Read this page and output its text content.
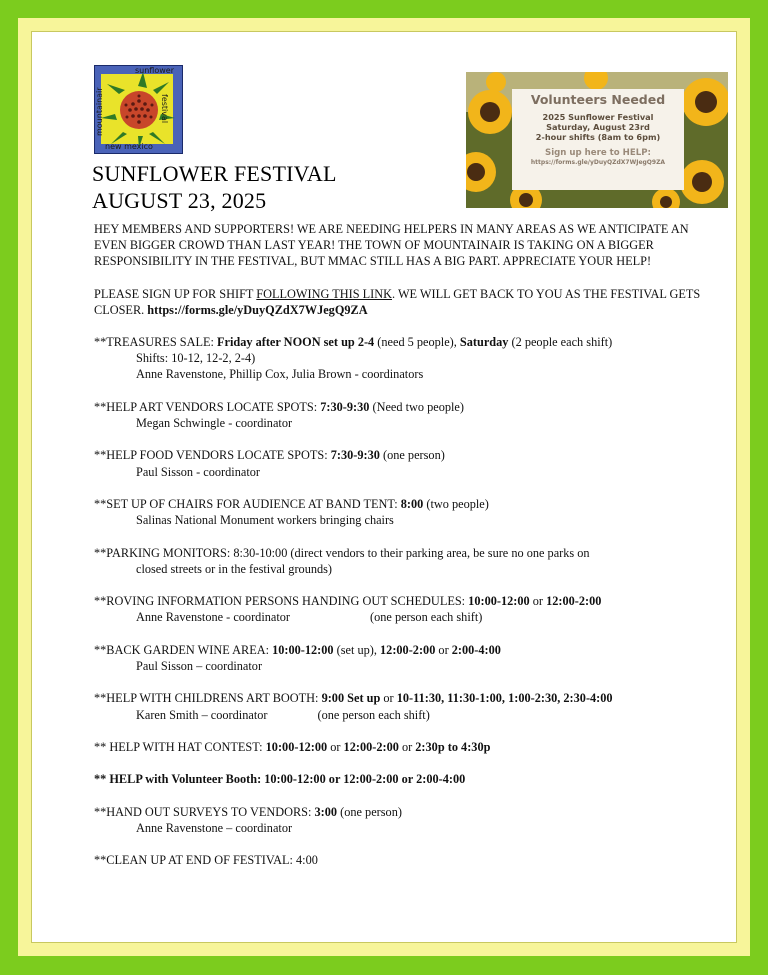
sunflower
festival
mountainair
new mexico
SUNFLOWER FESTIVAL
AUGUST 23, 2025
Volunteers Needed
2025 Sunflower Festival
Saturday, August 23rd
2-hour shifts (8am to 6pm)
Sign up here to HELP:
https://forms.gle/yDuyQZdX7WJegQ9ZA

HEY MEMBERS AND SUPPORTERS! WE ARE NEEDING HELPERS IN MANY AREAS AS WE ANTICIPATE AN EVEN BIGGER CROWD THAN LAST YEAR! THE TOWN OF MOUNTAINAIR IS TAKING ON A BIGGER RESPONSIBILITY IN THE FESTIVAL, BUT MMAC STILL HAS A BIG PART. APPRECIATE YOUR HELP!

PLEASE SIGN UP FOR SHIFT FOLLOWING THIS LINK. WE WILL GET BACK TO YOU AS THE FESTIVAL GETS CLOSER. https://forms.gle/yDuyQZdX7WJegQ9ZA

**TREASURES SALE: Friday after NOON set up 2-4 (need 5 people), Saturday (2 people each shift)
Shifts: 10-12, 12-2, 2-4)
Anne Ravenstone, Phillip Cox, Julia Brown - coordinators
**HELP ART VENDORS LOCATE SPOTS: 7:30-9:30 (Need two people)
Megan Schwingle - coordinator
**HELP FOOD VENDORS LOCATE SPOTS: 7:30-9:30 (one person)
Paul Sisson - coordinator
**SET UP OF CHAIRS FOR AUDIENCE AT BAND TENT: 8:00 (two people)
Salinas National Monument workers bringing chairs
**PARKING MONITORS: 8:30-10:00 (direct vendors to their parking area, be sure no one parks on
closed streets or in the festival grounds)
**ROVING INFORMATION PERSONS HANDING OUT SCHEDULES: 10:00-12:00 or 12:00-2:00
Anne Ravenstone - coordinator	(one person each shift)
**BACK GARDEN WINE AREA: 10:00-12:00 (set up), 12:00-2:00 or 2:00-4:00
Paul Sisson – coordinator
**HELP WITH CHILDRENS ART BOOTH: 9:00 Set up or 10-11:30, 11:30-1:00, 1:00-2:30, 2:30-4:00
Karen Smith – coordinator	(one person each shift)
** HELP WITH HAT CONTEST: 10:00-12:00 or 12:00-2:00 or 2:30p to 4:30p
** HELP with Volunteer Booth: 10:00-12:00 or 12:00-2:00 or 2:00-4:00
**HAND OUT SURVEYS TO VENDORS: 3:00 (one person)
Anne Ravenstone – coordinator
**CLEAN UP AT END OF FESTIVAL: 4:00
